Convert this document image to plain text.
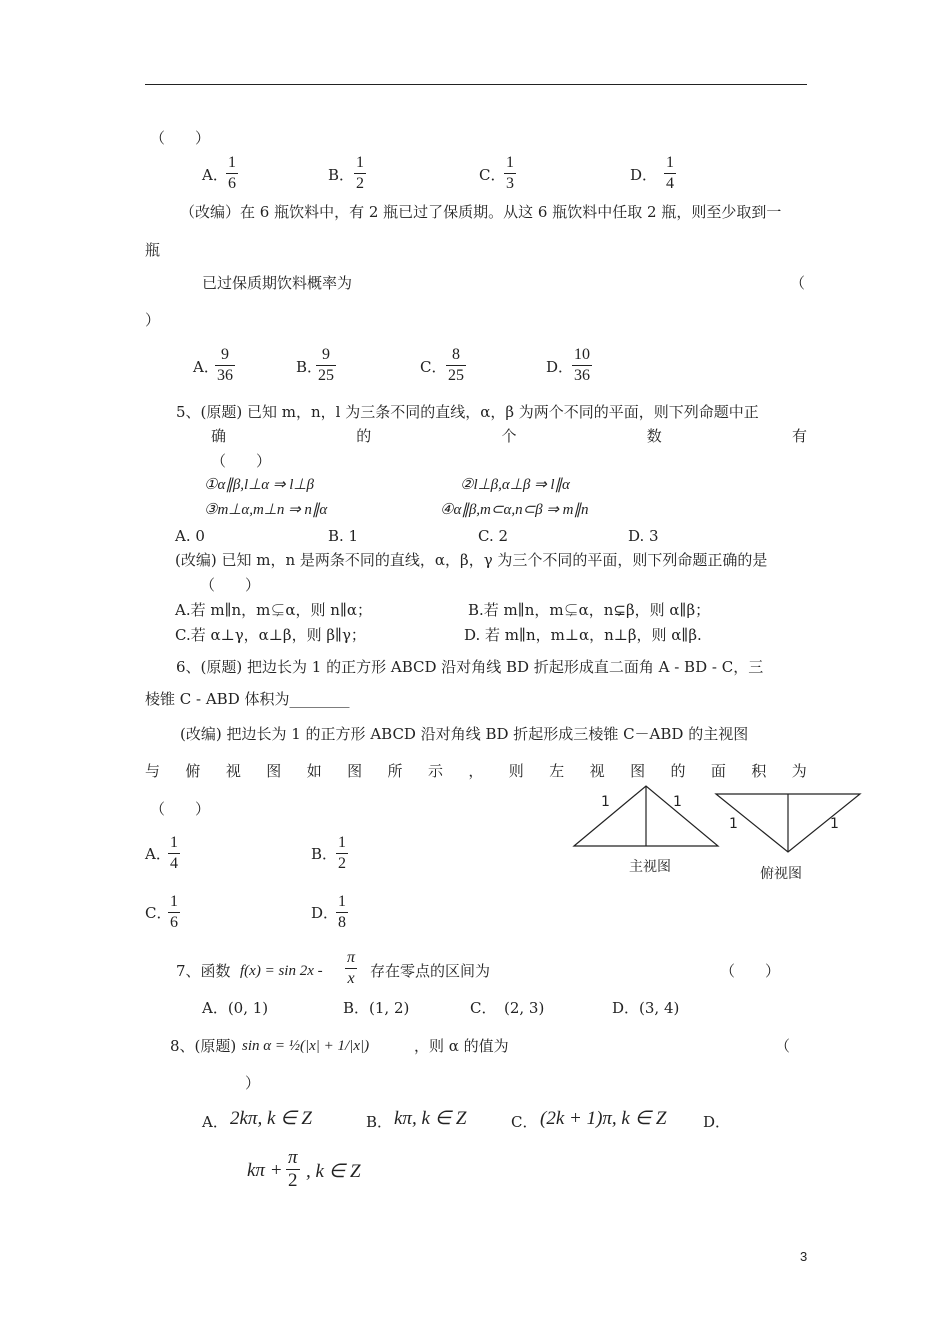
（　　）
A．
1
6	B．
1
2	C．
1
3	D．
1
4
（改编）在 6 瓶饮料中，有 2 瓶已过了保质期。从这 6 瓶饮料中任取 2 瓶，则至少取到一
瓶
已过保质期饮料概率为	（
）
A．
9
36	B．
9
25	C．
8
25	D．
10
36
5、(原题) 已知 m，n，l 为三条不同的直线，α，β 为两个不同的平面，则下列命题中正
确	的	个	数	有
（　　）
①α∥β,l⊥α ⇒ l⊥β	②l⊥β,α⊥β ⇒ l∥α
③m⊥α,m⊥n ⇒ n∥α	④α∥β,m⊂α,n⊂β ⇒ m∥n
A. 0	B. 1	C. 2	D. 3
(改编) 已知 m，n 是两条不同的直线，α，β，γ 为三个不同的平面，则下列命题正确的是
（　　）
A.若 m∥n，m⊊α，则 n∥α；	B.若 m∥n，m⊊α，n⊊β，则 α∥β；
C.若 α⊥γ，α⊥β，则 β∥γ；	D. 若 m∥n，m⊥α，n⊥β，则 α∥β.
6、(原题) 把边长为 1 的正方形 ABCD 沿对角线 BD 折起形成直二面角 A - BD - C，三
棱锥 C - ABD 体积为________
(改编) 把边长为 1 的正方形 ABCD 沿对角线 BD 折起形成三棱锥 C－ABD 的主视图
与 俯 视 图 如 图 所 示 ， 则 左 视 图 的 面 积 为
（　　）
A．
1
4
B．
1
2
C．
1
6
D．
1
8
1	1
主视图
1	1
俯视图
7、函数 f(x) = sin 2x -
π
x 存在零点的区间为	（　　）
A．(0, 1)	B．(1, 2)	C．　(2, 3)	D．(3, 4)
8、(原题) sin α = ½(|x| + 1/|x|)	，则 α 的值为	（
）
A． 2kπ, k ∈ Z	B． kπ, k ∈ Z	C． (2k + 1)π, k ∈ Z D．
kπ +
π
2 , k ∈ Z
3
